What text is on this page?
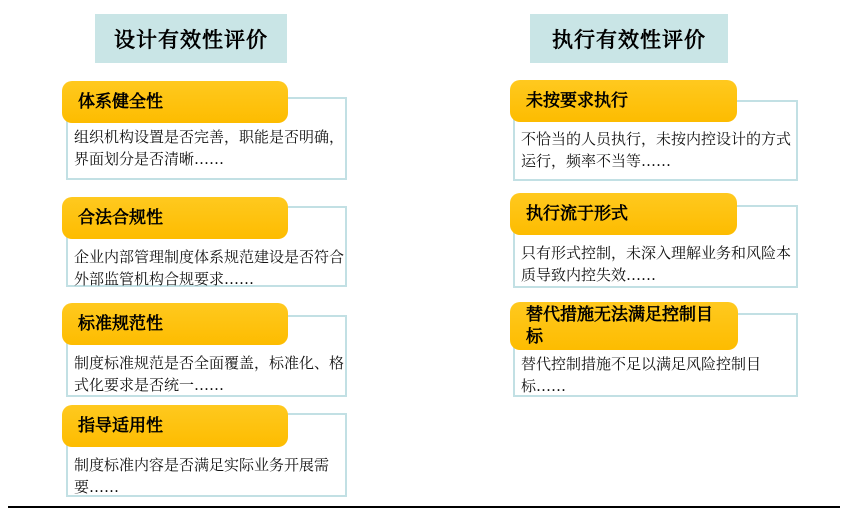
设计有效性评价	执行有效性评价
体系健全性
组织机构设置是否完善，职能是否明确，界面划分是否清晰……
合法合规性
企业内部管理制度体系规范建设是否符合外部监管机构合规要求……
标准规范性
制度标准规范是否全面覆盖，标准化、格式化要求是否统一……
指导适用性
制度标准内容是否满足实际业务开展需要……
未按要求执行
不恰当的人员执行，未按内控设计的方式运行，频率不当等……
执行流于形式
只有形式控制，未深入理解业务和风险本质导致内控失效……
替代措施无法满足控制目标
替代控制措施不足以满足风险控制目标……
